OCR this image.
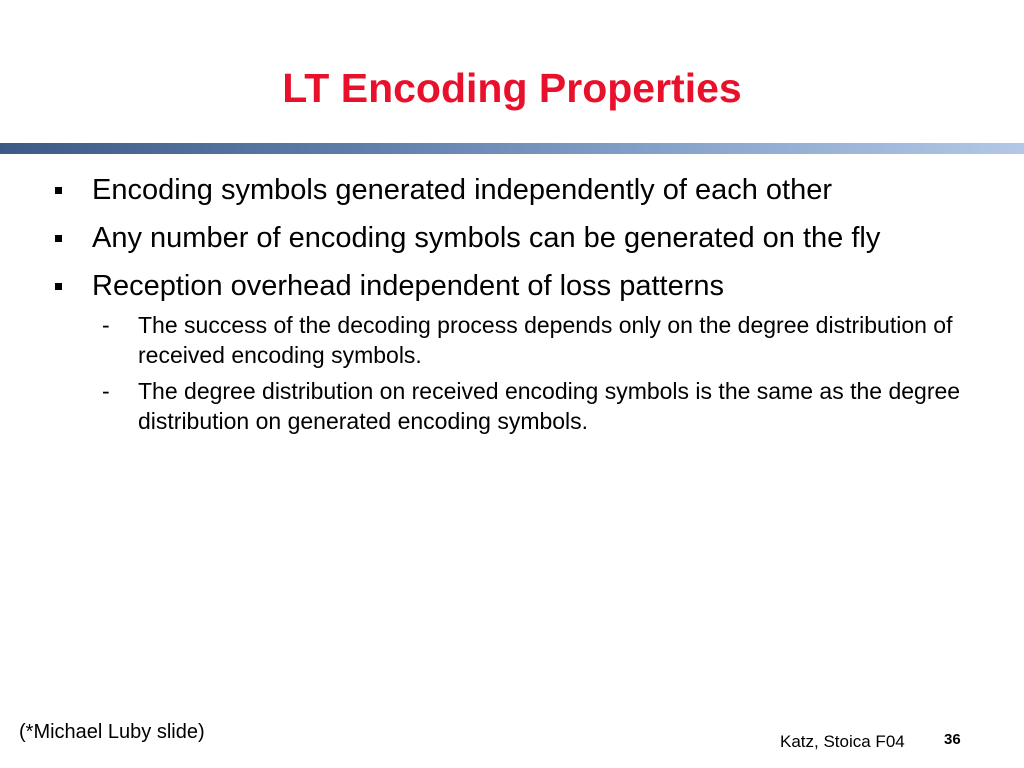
LT Encoding Properties
Encoding symbols generated independently of each other
Any number of encoding symbols can be generated on the fly
Reception overhead independent of loss patterns
- The success of the decoding process depends only on the degree distribution of received encoding symbols.
- The degree distribution on received encoding symbols is the same as the degree distribution on generated encoding symbols.
(*Michael Luby slide)	Katz, Stoica F04	36
